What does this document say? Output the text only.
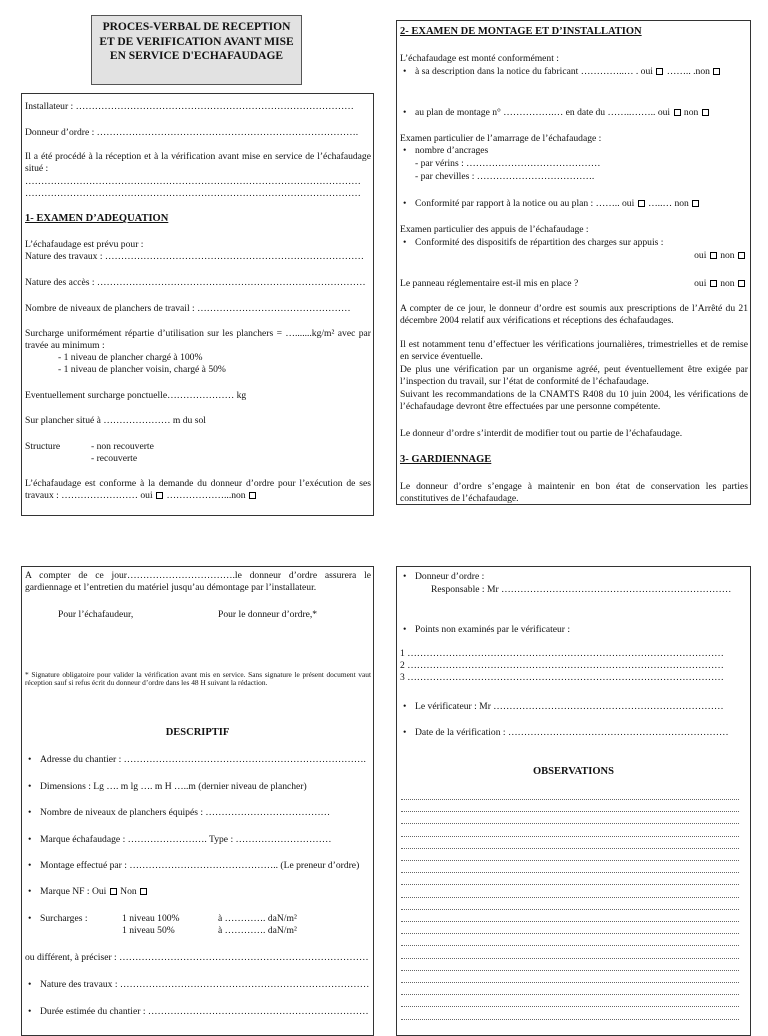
PROCES-VERBAL DE RECEPTION ET DE VERIFICATION AVANT MISE EN SERVICE D'ECHAFAUDAGE
Installateur : ……………………………………………………………………………
Donneur d’ordre : ……………………………………………………………………….
Il a été procédé à la réception et à la vérification avant mise en service de l’échafaudage situé :
……………………………………………………………………………………………
……………………………………………………………………………………………
1- EXAMEN D’ADEQUATION
L’échafaudage est prévu pour :
Nature des travaux : ………………………………………………………………………
Nature des accès : …………………………………………………………………………
Nombre de niveaux de planchers de travail : …………………………………………
Surcharge uniformément répartie d’utilisation sur les planchers = ….......kg/m² avec par travée au minimum :
- 1 niveau de plancher chargé à 100%
- 1 niveau de plancher voisin, chargé à 50%
Eventuellement surcharge ponctuelle………………… kg
Sur plancher situé à ………………… m du sol
Structure	- non recouverte
- recouverte
L’échafaudage est conforme à la demande du donneur d’ordre pour l’exécution de ses travaux : …………………… oui ………………...non
2- EXAMEN DE MONTAGE ET D’INSTALLATION
L’échafaudage est monté conformément :
• à sa description dans la notice du fabricant …………..… . oui …….. .non
• au plan de montage n° …………….… en date du ……..…….. oui non
Examen particulier de l’amarrage de l’échafaudage :
• nombre d’ancrages
- par vérins : ……………………………………
- par chevilles : ……………………………….
• Conformité par rapport à la notice ou au plan : …….. oui …..… non
Examen particulier des appuis de l’échafaudage :
• Conformité des dispositifs de répartition des charges sur appuis :
oui non
Le panneau réglementaire est-il mis en place ?	oui non
A compter de ce jour, le donneur d’ordre est soumis aux prescriptions de l’Arrêté du 21 décembre 2004 relatif aux vérifications et réceptions des échafaudages.
Il est notamment tenu d’effectuer les vérifications journalières, trimestrielles et de remise en service éventuelle.
De plus une vérification par un organisme agréé, peut éventuellement être exigée par l’inspection du travail, sur l’état de conformité de l’échafaudage.
Suivant les recommandations de la CNAMTS R408 du 10 juin 2004, les vérifications de l’échafaudage devront être effectuées par une personne compétente.
Le donneur d’ordre s’interdit de modifier tout ou partie de l’échafaudage.
3- GARDIENNAGE
Le donneur d’ordre s’engage à maintenir en bon état de conservation les parties constitutives de l’échafaudage.
A compter de ce jour…………………………….le donneur d’ordre assurera le gardiennage et l’entretien du matériel jusqu’au démontage par l’installateur.
Pour l’échafaudeur,	Pour le donneur d’ordre,*
* Signature obligatoire pour valider la vérification avant mis en service. Sans signature le présent document vaut réception sauf si refus écrit du donneur d’ordre dans les 48 H suivant la rédaction.
DESCRIPTIF
• Adresse du chantier : ………………………………………………………………….
• Dimensions : Lg …. m lg …. m H …..m (dernier niveau de plancher)
• Nombre de niveaux de planchers équipés : …………………………………
• Marque échafaudage : ……………………. Type : …………………………
• Montage effectué par : ……………………………………….. (Le preneur d’ordre)
• Marque NF : Oui Non
• Surcharges :	1 niveau 100%	à …………. daN/m²
1 niveau 50%	à …………. daN/m²
ou différent, à préciser : ……………………………………………………………………
• Nature des travaux : ……………………………………………………………………
• Durée estimée du chantier : ……………………………………………………………
• Donneur d’ordre :
Responsable : Mr ………………………………………………………………
• Points non examinés par le vérificateur :
1 ………………………………………………………………………………………
2 ………………………………………………………………………………………
3 ………………………………………………………………………………………
• Le vérificateur : Mr ………………………………………………………………
• Date de la vérification : ……………………………………………………………
OBSERVATIONS
